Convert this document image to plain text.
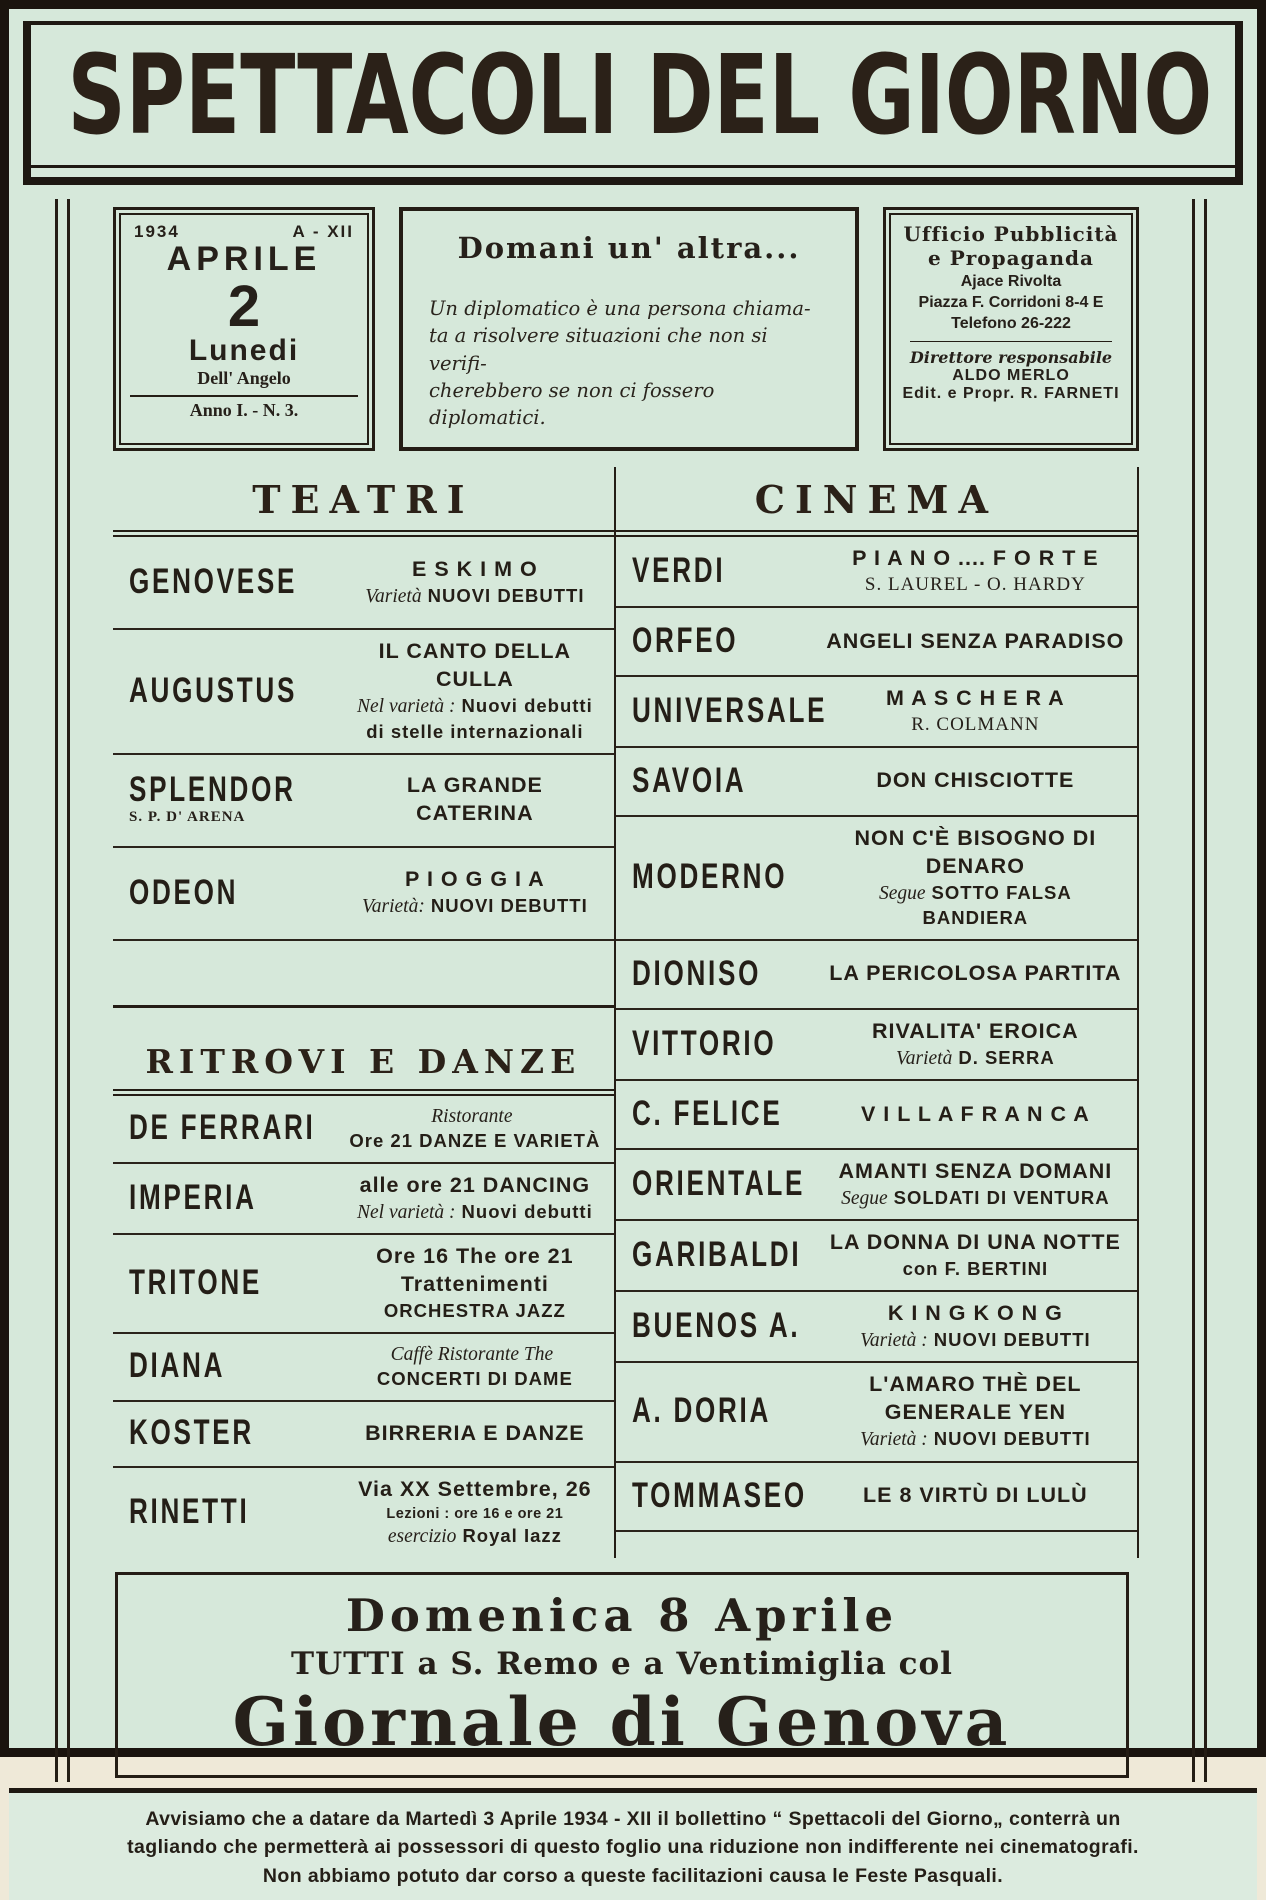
SPETTACOLI DEL GIORNO
1934	A - XII
APRILE
2
Lunedi
Dell' Angelo
Anno I. - N. 3.
Domani un' altra...
Un diplomatico è una persona chiama-
ta a risolvere situazioni che non si verifi-
cherebbero se non ci fossero diplomatici.
Ufficio Pubblicità
e Propaganda
Ajace Rivolta
Piazza F. Corridoni 8-4 E
Telefono 26-222
Direttore responsabile
ALDO MERLO
Edit. e Propr. R. FARNETI
TEATRI
GENOVESE	E S K I M O
Varietà NUOVI DEBUTTI
AUGUSTUS
IL CANTO DELLA CULLA
Nel varietà : Nuovi debutti
di stelle internazionali
SPLENDOR
S. P. D' ARENA
LA GRANDE CATERINA
ODEON	P I O G G I A
Varietà: NUOVI DEBUTTI
RITROVI E DANZE
DE FERRARI	Ristorante
Ore 21 DANZE E VARIETÀ
IMPERIA	alle ore 21 DANCING
Nel varietà : Nuovi debutti
TRITONE
Ore 16 The ore 21 Trattenimenti
ORCHESTRA JAZZ
DIANA	Caffè Ristorante The
CONCERTI DI DAME
KOSTER	BIRRERIA E DANZE
RINETTI
Via XX Settembre, 26
Lezioni : ore 16 e ore 21
esercizio Royal Iazz
CINEMA
VERDI	P I A N O .... F O R T E
S. LAUREL - O. HARDY
ORFEO	ANGELI SENZA PARADISO
UNIVERSALE	M A S C H E R A
R. COLMANN
SAVOIA	DON CHISCIOTTE
MODERNO
NON C'È BISOGNO DI DENARO
Segue SOTTO FALSA BANDIERA
DIONISO	LA PERICOLOSA PARTITA
VITTORIO	RIVALITA' EROICA
Varietà D. SERRA
C. FELICE	V I L L A F R A N C A
ORIENTALE	AMANTI SENZA DOMANI
Segue SOLDATI DI VENTURA
GARIBALDI	LA DONNA DI UNA NOTTE
con F. BERTINI
BUENOS A.	K I N G K O N G
Varietà : NUOVI DEBUTTI
A. DORIA
L'AMARO THÈ DEL GENERALE YEN
Varietà : NUOVI DEBUTTI
TOMMASEO	LE 8 VIRTÙ DI LULÙ
Domenica 8 Aprile
TUTTI a S. Remo e a Ventimiglia col
Giornale di Genova
Avvisiamo che a datare da Martedì 3 Aprile 1934 - XII il bollettino “ Spettacoli del Giorno„ conterrà un
tagliando che permetterà ai possessori di questo foglio una riduzione non indifferente nei cinematografi.
Non abbiamo potuto dar corso a queste facilitazioni causa le Feste Pasquali.
